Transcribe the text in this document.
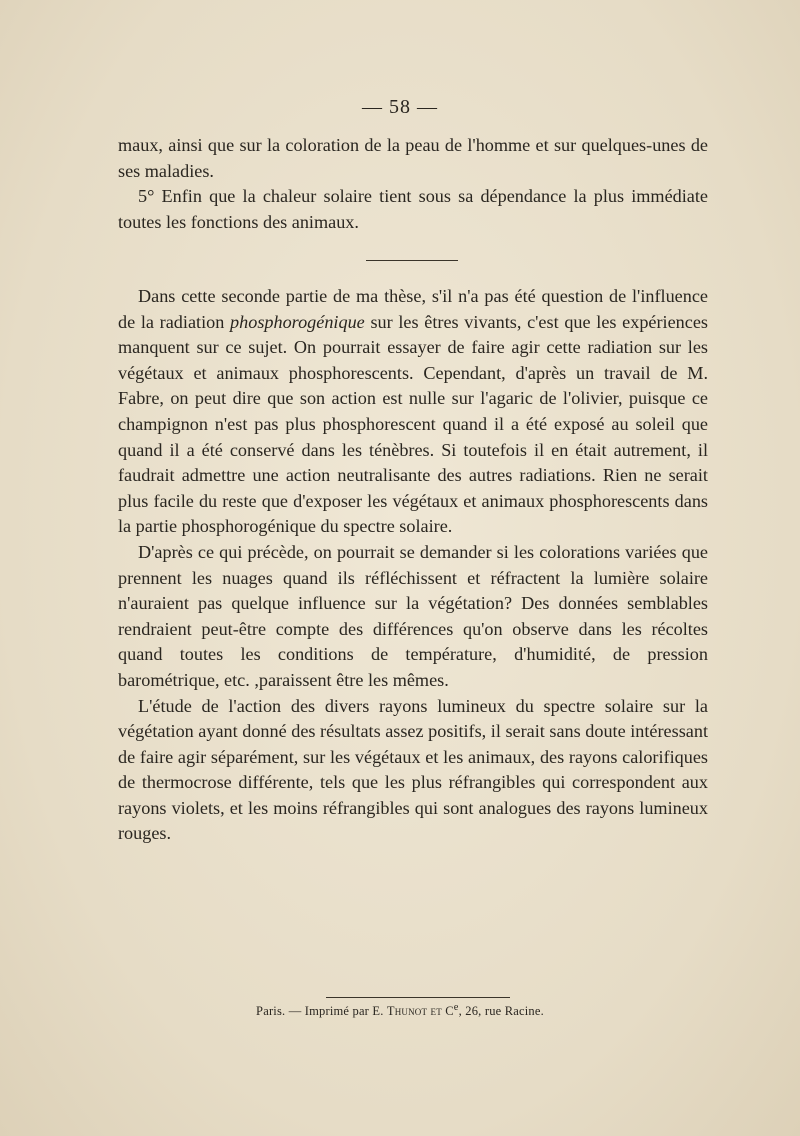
— 58 —

maux, ainsi que sur la coloration de la peau de l'homme et sur quelques-unes de ses maladies.

5° Enfin que la chaleur solaire tient sous sa dépendance la plus immédiate toutes les fonctions des animaux.

Dans cette seconde partie de ma thèse, s'il n'a pas été question de l'influence de la radiation phosphorogénique sur les êtres vivants, c'est que les expériences manquent sur ce sujet. On pourrait essayer de faire agir cette radiation sur les végétaux et animaux phosphorescents. Cependant, d'après un travail de M. Fabre, on peut dire que son action est nulle sur l'agaric de l'olivier, puisque ce champignon n'est pas plus phosphorescent quand il a été exposé au soleil que quand il a été conservé dans les ténèbres. Si toutefois il en était autrement, il faudrait admettre une action neutralisante des autres radiations. Rien ne serait plus facile du reste que d'exposer les végétaux et animaux phosphorescents dans la partie phosphorogénique du spectre solaire.

D'après ce qui précède, on pourrait se demander si les colorations variées que prennent les nuages quand ils réfléchissent et réfractent la lumière solaire n'auraient pas quelque influence sur la végétation? Des données semblables rendraient peut-être compte des différences qu'on observe dans les récoltes quand toutes les conditions de température, d'humidité, de pression barométrique, etc. ,paraissent être les mêmes.

L'étude de l'action des divers rayons lumineux du spectre solaire sur la végétation ayant donné des résultats assez positifs, il serait sans doute intéressant de faire agir séparément, sur les végétaux et les animaux, des rayons calorifiques de thermocrose différente, tels que les plus réfrangibles qui correspondent aux rayons violets, et les moins réfrangibles qui sont analogues des rayons lumineux rouges.

Paris. — Imprimé par E. Thunot et Ce, 26, rue Racine.
